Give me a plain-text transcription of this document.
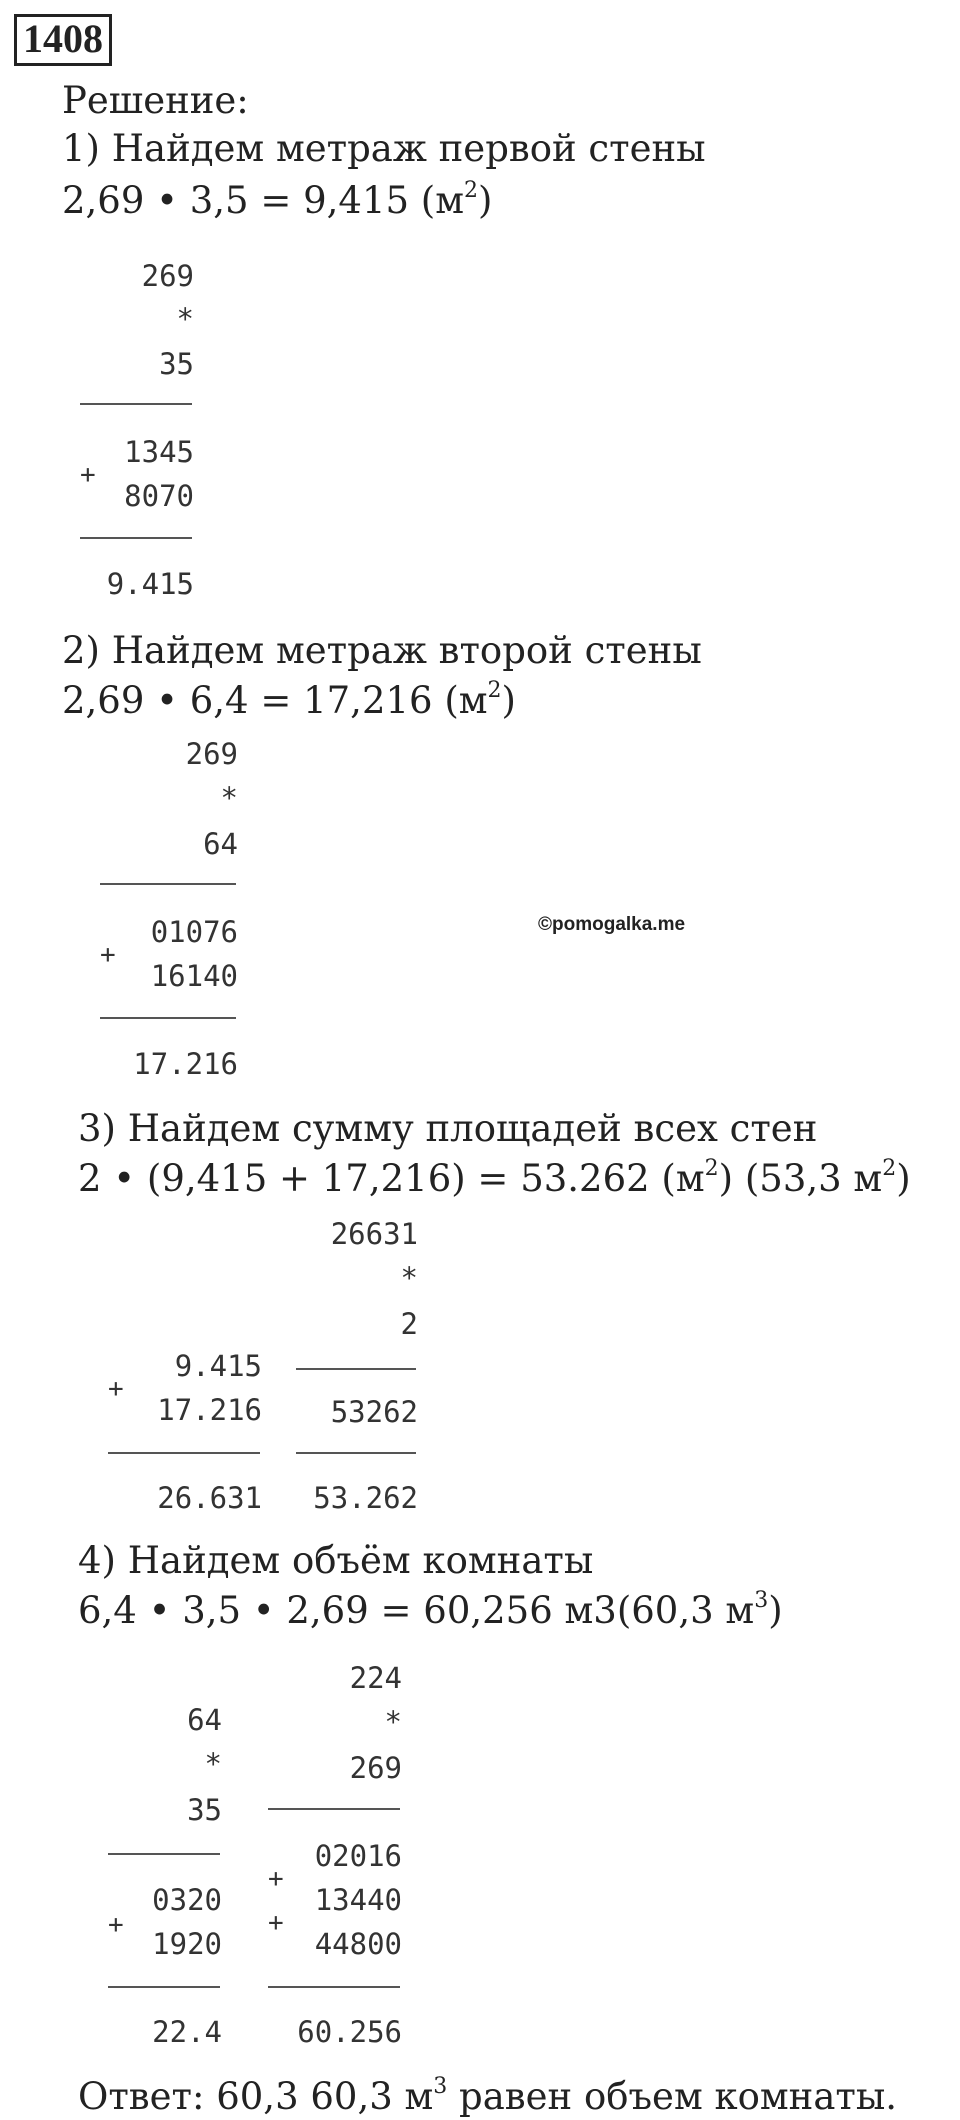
1408
Решение:
1) Найдем метраж первой стены
2,69 • 3,5 = 9,415 $(м^2)$
269
*
35
1345
+
8070
9.415
2) Найдем метраж второй стены
2,69 • 6,4 = 17,216 $(м^2)$
269
*
64
01076
+
16140
17.216
©pomogalka.me
3) Найдем сумму площадей всех стен
2 • (9,415 + 17,216) = 53.262 $(м^2)$ (53,3 $м^2$)
9.415
+
17.216
26.631
26631
*
2
53262
53.262
4) Найдем объём комнаты
6,4 • 3,5 • 2,69 = 60,256 м3(60,3 $м^3$)
64
*
35
0320
+
1920
22.4
224
*
269
02016
+
13440
+
44800
60.256
Ответ: 60,3 60,3 $м^3$ равен объем комнаты.
